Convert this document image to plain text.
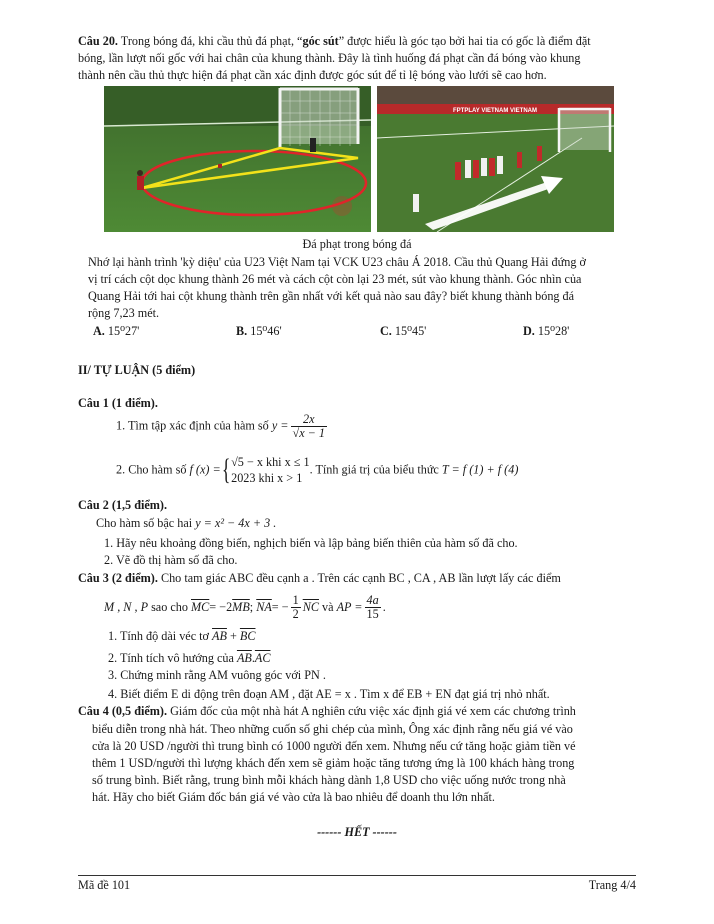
Câu 20. Trong bóng đá, khi cầu thủ đá phạt, “góc sút” được hiểu là góc tạo bởi hai tia có gốc là điểm đặt
bóng, lần lượt nối gốc với hai chân của khung thành. Đây là tình huống đá phạt cần đá bóng vào khung
thành nên cầu thủ thực hiện đá phạt cần xác định được góc sút để tỉ lệ bóng vào lưới sẽ cao hơn.
FPTPLAY VIETNAM VIETNAM
Đá phạt trong bóng đá
Nhớ lại hành trình 'kỳ diệu' của U23 Việt Nam tại VCK U23 châu Á 2018. Cầu thủ Quang Hải đứng ở
vị trí cách cột dọc khung thành 26 mét và cách cột còn lại 23 mét, sút vào khung thành. Góc nhìn của
Quang Hải tới hai cột khung thành trên gần nhất với kết quả nào sau đây? biết khung thành bóng đá
rộng 7,23 mét.
A. 15⁰27'	B. 15⁰46'	C. 15⁰45'	D. 15⁰28'
II/ TỰ LUẬN (5 điểm)
Câu 1 (1 điểm).
1. Tìm tập xác định của hàm số $y = \frac{2x}{√x - 1}$
2. Cho hàm số f (x) ={ √5 − x khi x ≤ 1
2023 khi x > 1
. Tính giá trị của biểu thức T = f (1) + f (4)
Câu 2 (1,5 điểm).
Cho hàm số bậc hai y = x² − 4x + 3 .
1. Hãy nêu khoảng đồng biến, nghịch biến và lập bảng biến thiên của hàm số đã cho.
2. Vẽ đồ thị hàm số đã cho.
Câu 3 (2 điểm). Cho tam giác ABC đều cạnh a . Trên các cạnh BC , CA , AB lần lượt lấy các điểm
M , N , P sao cho $\overline{MC}= -2\overline{MB}$; $\overline{NA}= - \frac{1}{2} \overline{NC}$ và AP = $\frac{4a}{15}$ .
1. Tính độ dài véc tơ $\overline{AB} + \overline{BC}$
2. Tính tích vô hướng của $\overline{AB}.\overline{AC}$
3. Chứng minh rằng AM vuông góc với PN .
4. Biết điểm E di động trên đoạn AM , đặt AE = x . Tìm x để EB + EN đạt giá trị nhỏ nhất.
Câu 4 (0,5 điểm). Giám đốc của một nhà hát A nghiên cứu việc xác định giá vé xem các chương trình
biểu diễn trong nhà hát. Theo những cuốn số ghi chép của mình, Ông xác định rằng nếu giá vé vào
cửa là 20 USD /người thì trung bình có 1000 người đến xem. Nhưng nếu cứ tăng hoặc giảm tiền vé
thêm 1 USD/người thì lượng khách đến xem sẽ giảm hoặc tăng tương ứng là 100 khách hàng trong
số trung bình. Biết rằng, trung bình mỗi khách hàng dành 1,8 USD cho việc uống nước trong nhà
hát. Hãy cho biết Giám đốc bán giá vé vào cửa là bao nhiêu để doanh thu lớn nhất.
------ HẾT ------
Mã đề 101	Trang 4/4
